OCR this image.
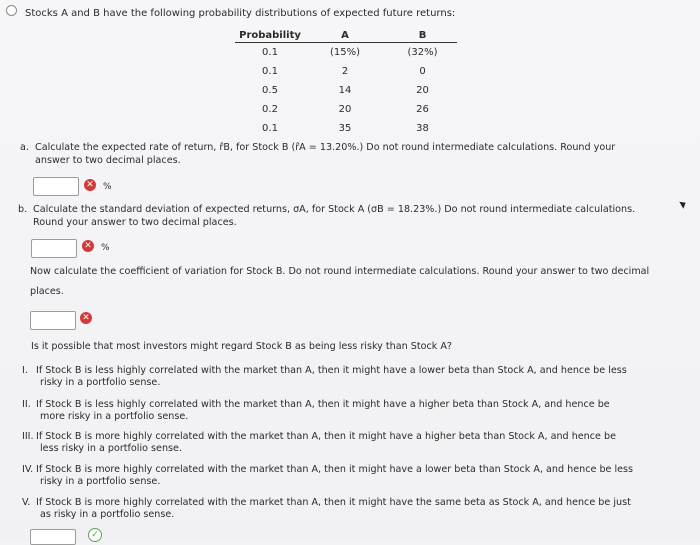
Stocks A and B have the following probability distributions of expected future returns:
Probability	A	B
0.1	(15%)	(32%)
0.1	2	0
0.5	14	20
0.2	20	26
0.1	35	38
a. Calculate the expected rate of return, r̂B, for Stock B (r̂A = 13.20%.) Do not round intermediate calculations. Round your
answer to two decimal places.
✕ %
b. Calculate the standard deviation of expected returns, σA, for Stock A (σB = 18.23%.) Do not round intermediate calculations.
Round your answer to two decimal places.
✕ %
Now calculate the coefficient of variation for Stock B. Do not round intermediate calculations. Round your answer to two decimal
places.
✕
Is it possible that most investors might regard Stock B as being less risky than Stock A?
I. If Stock B is less highly correlated with the market than A, then it might have a lower beta than Stock A, and hence be less
risky in a portfolio sense.
II. If Stock B is less highly correlated with the market than A, then it might have a higher beta than Stock A, and hence be
more risky in a portfolio sense.
III. If Stock B is more highly correlated with the market than A, then it might have a higher beta than Stock A, and hence be
less risky in a portfolio sense.
IV. If Stock B is more highly correlated with the market than A, then it might have a lower beta than Stock A, and hence be less
risky in a portfolio sense.
V. If Stock B is more highly correlated with the market than A, then it might have the same beta as Stock A, and hence be just
as risky in a portfolio sense.
✓
